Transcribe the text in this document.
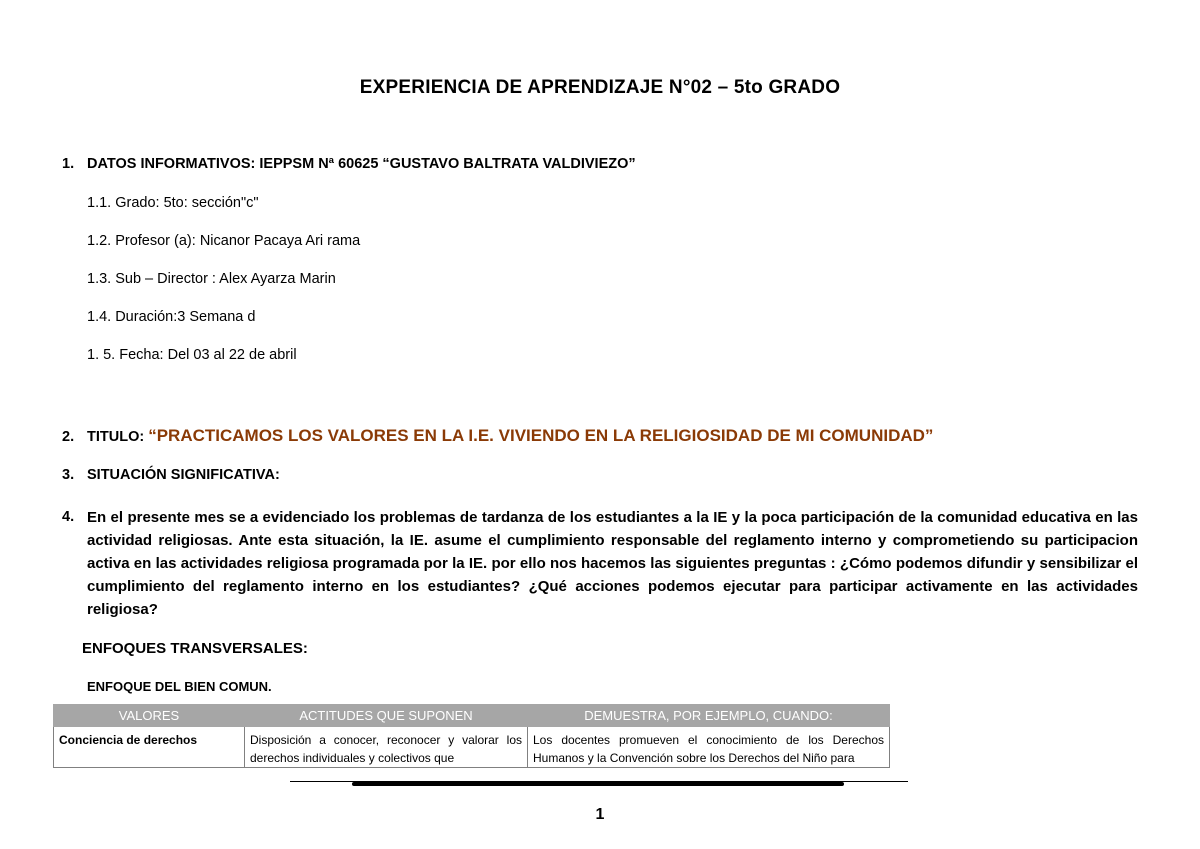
EXPERIENCIA DE APRENDIZAJE N°02 – 5to GRADO
1. DATOS INFORMATIVOS: IEPPSM Nª 60625 “GUSTAVO BALTRATA VALDIVIEZO”
1.1. Grado: 5to: sección"c"
1.2. Profesor (a): Nicanor Pacaya Ari rama
1.3. Sub – Director : Alex Ayarza Marin
1.4. Duración:3 Semana d
1. 5. Fecha: Del 03 al 22 de abril
2. TITULO: “PRACTICAMOS LOS VALORES EN LA I.E. VIVIENDO EN LA RELIGIOSIDAD DE MI COMUNIDAD”
3. SITUACIÓN SIGNIFICATIVA:
4. En el presente mes se a evidenciado los problemas de tardanza de los estudiantes a la IE y la poca participación de la comunidad educativa en las actividad religiosas. Ante esta situación, la IE. asume el cumplimiento responsable del reglamento interno y comprometiendo su participacion activa en las actividades religiosa programada por la IE. por ello nos hacemos las siguientes preguntas : ¿Cómo podemos difundir y sensibilizar el cumplimiento del reglamento interno en los estudiantes? ¿Qué acciones podemos ejecutar para participar activamente en las actividades religiosa?
ENFOQUES TRANSVERSALES:
ENFOQUE DEL BIEN COMUN.
VALORES	ACTITUDES QUE SUPONEN	DEMUESTRA, POR EJEMPLO, CUANDO:
Conciencia de derechos	Disposición a conocer, reconocer y valorar los derechos individuales y colectivos que	Los docentes promueven el conocimiento de los Derechos Humanos y la Convención sobre los Derechos del Niño para
1
